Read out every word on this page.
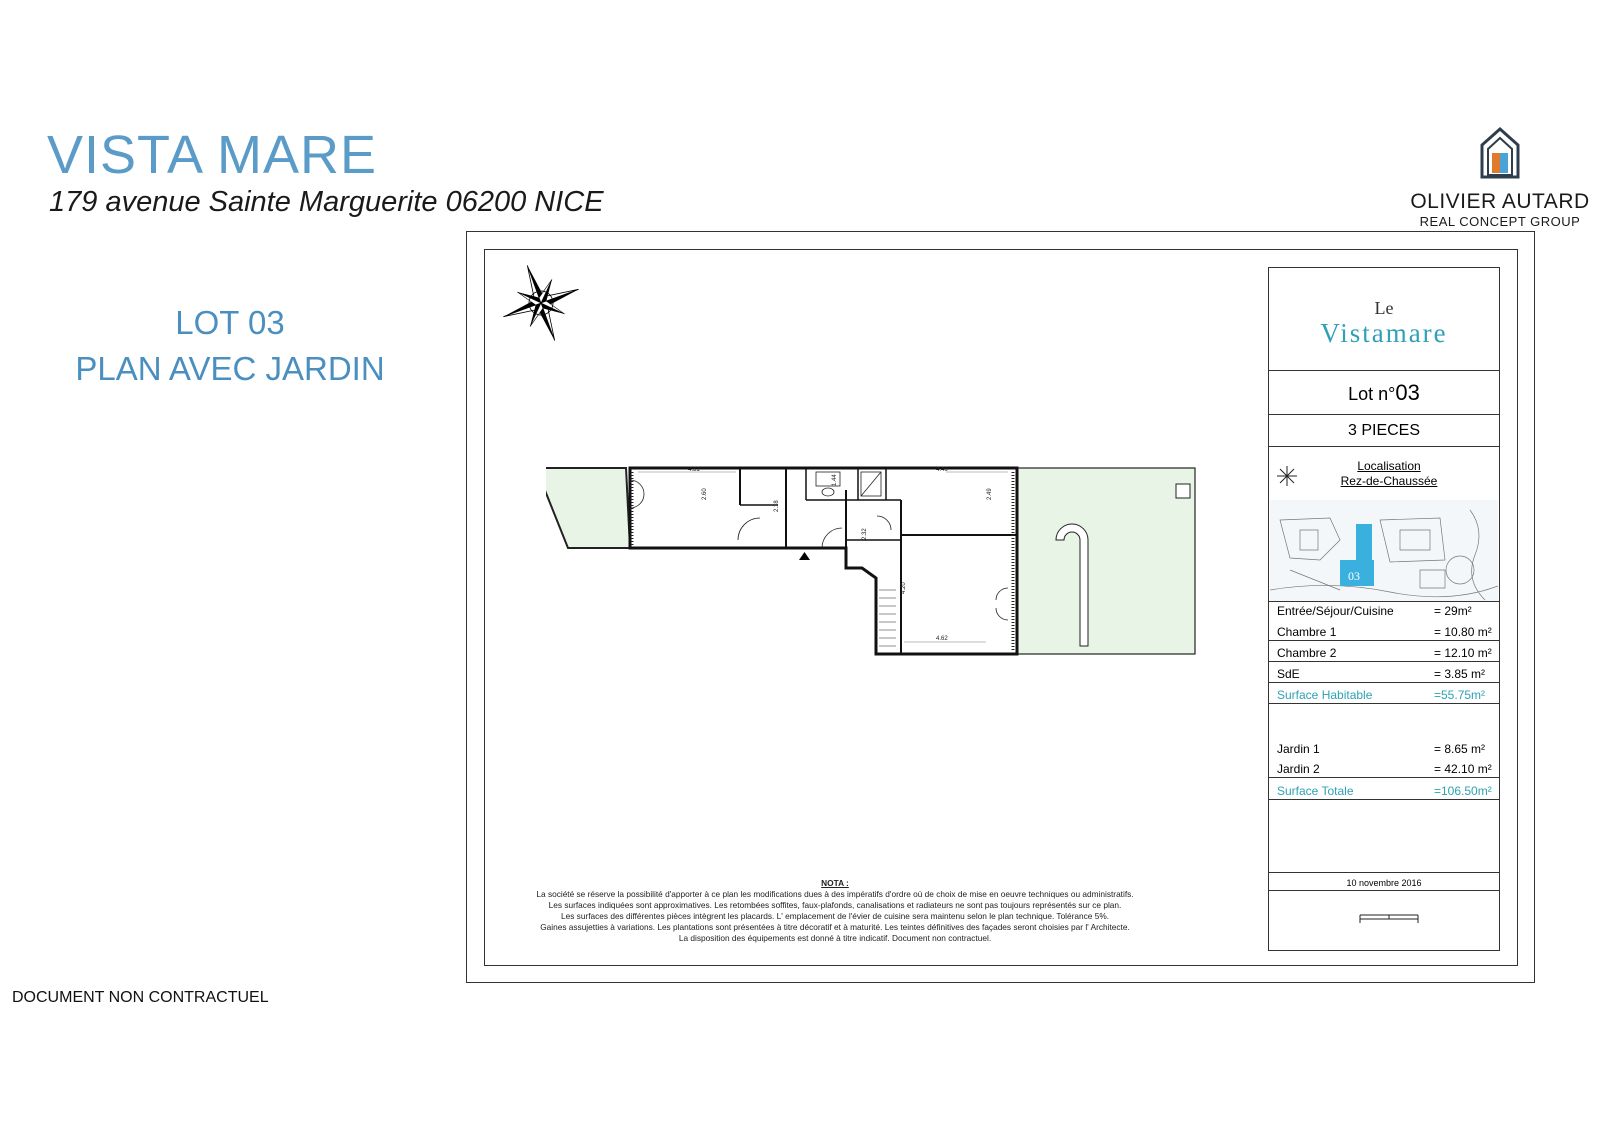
VISTA MARE
179 avenue Sainte Marguerite 06200 NICE
LOT 03
PLAN AVEC JARDIN
OLIVIER AUTARD
REAL CONCEPT GROUP
4.31
2.60
2.18
1.44
4.46
2.49
2.32
4.20
4.62
Le
Vistamare
Lot n°03
3 PIECES
Localisation
Rez-de-Chaussée
03
Entrée/Séjour/Cuisine	= 29m²
Chambre 1	= 10.80 m²
Chambre 2	= 12.10 m²
SdE	= 3.85 m²
Surface Habitable	=55.75m²
Jardin 1	= 8.65 m²
Jardin 2	= 42.10 m²
Surface Totale	=106.50m²
10 novembre 2016
NOTA :
La société se réserve la possibilité d'apporter à ce plan les modifications dues à des impératifs d'ordre où de choix de mise en oeuvre techniques ou administratifs.
Les surfaces indiquées sont approximatives. Les retombées soffites, faux-plafonds, canalisations et radiateurs ne sont pas toujours représentés sur ce plan.
Les surfaces des différentes pièces intègrent les placards. L' emplacement de l'évier de cuisine sera maintenu selon le plan technique. Tolérance 5%.
Gaines assujetties à variations. Les plantations sont présentées à titre décoratif et à maturité. Les teintes définitives des façades seront choisies par l' Architecte.
La disposition des équipements est donné à titre indicatif. Document non contractuel.
DOCUMENT NON CONTRACTUEL
